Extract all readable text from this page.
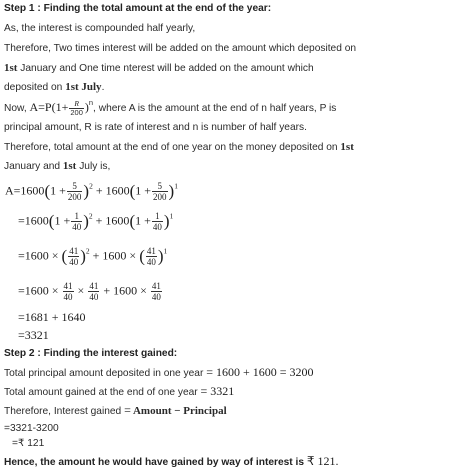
Step 1 : Finding the total amount at the end of the year:
As, the interest is compounded half yearly,
Therefore, Two times interest will be added on the amount which deposited on
1st January and One time nterest will be added on the amount which
deposited on 1st July.
Now, $A=P(1+ \frac{R}{200} )^n$, where A is the amount at the end of n half years, P is
principal amount, R is rate of interest and n is number of half years.
Therefore, total amount at the end of one year on the money deposited on 1st
January and 1st July is,
$A=1600(1 + \frac{5}{200} )^2 + 1600(1 + \frac{5}{200} )^1$
$=1600(1 + \frac{1}{40} )^2 + 1600(1 + \frac{1}{40} )^1$
=1600 × ( $\frac{41}{40} )^2 + 1600$ × ( $\frac{41}{40} )^1$
$=1600 \times \frac{41}{40} \times \frac{41}{40} + 1600 \times \frac{41}{40}$
=1681 + 1640
=3321
Step 2 : Finding the interest gained:
Total principal amount deposited in one year = 1600 + 1600 = 3200
Total amount gained at the end of one year = 3321
Therefore, Interest gained = Amount − Principal
=3321-3200
=₹ 121
Hence, the amount he would have gained by way of interest is ₹ 121.
